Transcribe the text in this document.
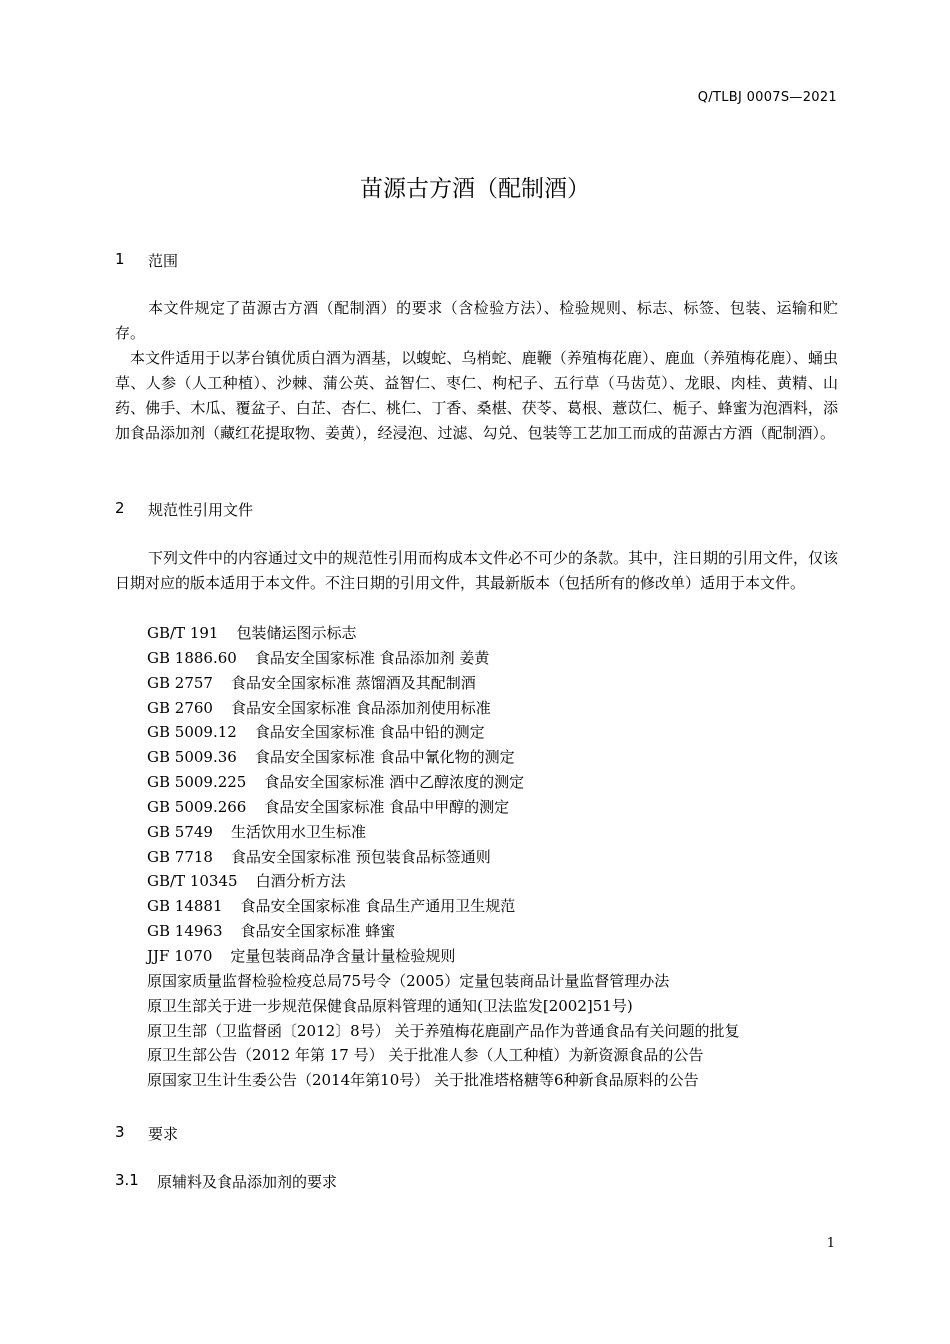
Q/TLBJ 0007S—2021
苗源古方酒（配制酒）
1	范围

本文件规定了苗源古方酒（配制酒）的要求（含检验方法）、检验规则、标志、标签、包装、运输和贮存。

本文件适用于以茅台镇优质白酒为酒基，以蝮蛇、乌梢蛇、鹿鞭（养殖梅花鹿）、鹿血（养殖梅花鹿）、蛹虫草、人参（人工种植）、沙棘、蒲公英、益智仁、枣仁、枸杞子、五行草（马齿苋）、龙眼、肉桂、黄精、山药、佛手、木瓜、覆盆子、白芷、杏仁、桃仁、丁香、桑椹、茯苓、葛根、薏苡仁、栀子、蜂蜜为泡酒料，添加食品添加剂（藏红花提取物、姜黄），经浸泡、过滤、勾兑、包装等工艺加工而成的苗源古方酒（配制酒）。

2	规范性引用文件

下列文件中的内容通过文中的规范性引用而构成本文件必不可少的条款。其中，注日期的引用文件，仅该日期对应的版本适用于本文件。不注日期的引用文件，其最新版本（包括所有的修改单）适用于本文件。

GB/T 191 包装储运图示标志
GB 1886.60 食品安全国家标准 食品添加剂 姜黄
GB 2757 食品安全国家标准 蒸馏酒及其配制酒
GB 2760 食品安全国家标准 食品添加剂使用标准
GB 5009.12 食品安全国家标准 食品中铅的测定
GB 5009.36 食品安全国家标准 食品中氰化物的测定
GB 5009.225 食品安全国家标准 酒中乙醇浓度的测定
GB 5009.266 食品安全国家标准 食品中甲醇的测定
GB 5749 生活饮用水卫生标准
GB 7718 食品安全国家标准 预包装食品标签通则
GB/T 10345 白酒分析方法
GB 14881 食品安全国家标准 食品生产通用卫生规范
GB 14963 食品安全国家标准 蜂蜜
JJF 1070 定量包装商品净含量计量检验规则
原国家质量监督检验检疫总局75号令（2005）定量包装商品计量监督管理办法
原卫生部关于进一步规范保健食品原料管理的通知(卫法监发[2002]51号)
原卫生部（卫监督函〔2012〕8号） 关于养殖梅花鹿副产品作为普通食品有关问题的批复
原卫生部公告（2012 年第 17 号） 关于批准人参（人工种植）为新资源食品的公告
原国家卫生计生委公告（2014年第10号） 关于批准塔格糖等6种新食品原料的公告
3	要求
3.1	原辅料及食品添加剂的要求
1
